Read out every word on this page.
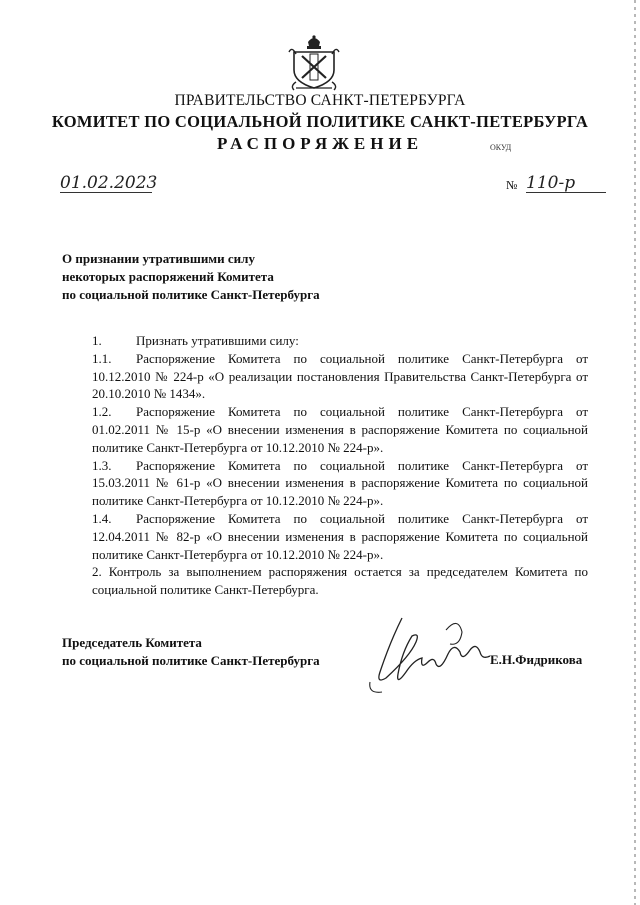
ПРАВИТЕЛЬСТВО САНКТ-ПЕТЕРБУРГА
КОМИТЕТ ПО СОЦИАЛЬНОЙ ПОЛИТИКЕ САНКТ-ПЕТЕРБУРГА
РАСПОРЯЖЕНИЕ	ОКУД
01.02.2023	№ 110-р
О признании утратившими силу
некоторых распоряжений Комитета
по социальной политике Санкт-Петербурга

1.	Признать утратившими силу:

1.1. Распоряжение Комитета по социальной политике Санкт-Петербурга от 10.12.2010 № 224-р «О реализации постановления Правительства Санкт-Петербурга от 20.10.2010 № 1434».

1.2. Распоряжение Комитета по социальной политике Санкт-Петербурга от 01.02.2011 № 15-р «О внесении изменения в распоряжение Комитета по социальной политике Санкт-Петербурга от 10.12.2010 № 224-р».

1.3. Распоряжение Комитета по социальной политике Санкт-Петербурга от 15.03.2011 № 61-р «О внесении изменения в распоряжение Комитета по социальной политике Санкт-Петербурга от 10.12.2010 № 224-р».

1.4. Распоряжение Комитета по социальной политике Санкт-Петербурга от 12.04.2011 № 82-р «О внесении изменения в распоряжение Комитета по социальной политике Санкт-Петербурга от 10.12.2010 № 224-р».

2. Контроль за выполнением распоряжения остается за председателем Комитета по социальной политике Санкт-Петербурга.

Председатель Комитета
по социальной политике Санкт-Петербурга	Е.Н.Фидрикова
